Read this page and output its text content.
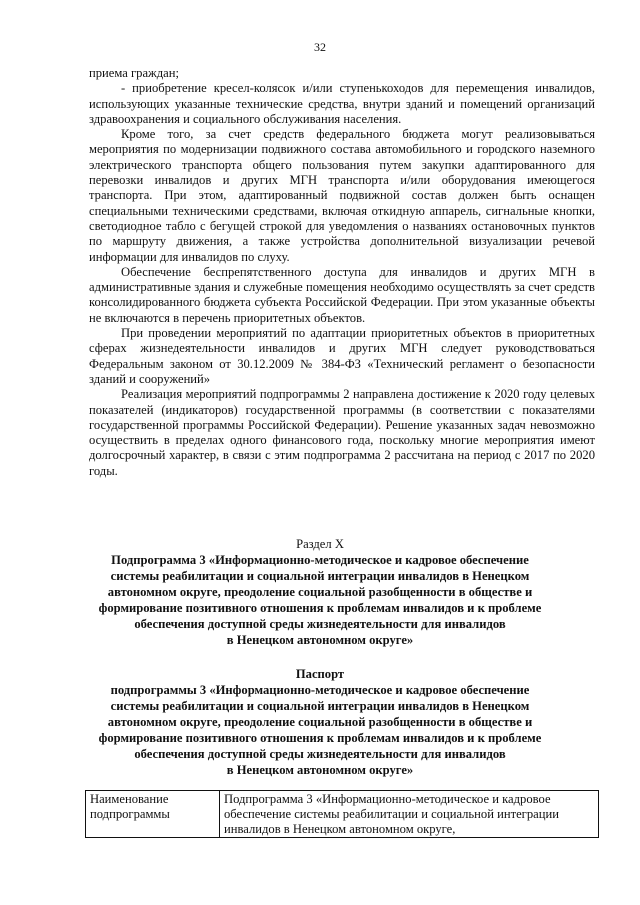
32

приема граждан;

- приобретение кресел-колясок и/или ступенькоходов для перемещения инвалидов, использующих указанные технические средства, внутри зданий и помещений организаций здравоохранения и социального обслуживания населения.

Кроме того, за счет средств федерального бюджета могут реализовываться мероприятия по модернизации подвижного состава автомобильного и городского наземного электрического транспорта общего пользования путем закупки адаптированного для перевозки инвалидов и других МГН транспорта и/или оборудования имеющегося транспорта. При этом, адаптированный подвижной состав должен быть оснащен специальными техническими средствами, включая откидную аппарель, сигнальные кнопки, светодиодное табло с бегущей строкой для уведомления о названиях остановочных пунктов по маршруту движения, а также устройства дополнительной визуализации речевой информации для инвалидов по слуху.

Обеспечение беспрепятственного доступа для инвалидов и других МГН в административные здания и служебные помещения необходимо осуществлять за счет средств консолидированного бюджета субъекта Российской Федерации. При этом указанные объекты не включаются в перечень приоритетных объектов.

При проведении мероприятий по адаптации приоритетных объектов в приоритетных сферах жизнедеятельности инвалидов и других МГН следует руководствоваться Федеральным законом от 30.12.2009 № 384-ФЗ «Технический регламент о безопасности зданий и сооружений»

Реализация мероприятий подпрограммы 2 направлена достижение к 2020 году целевых показателей (индикаторов) государственной программы (в соответствии с показателями государственной программы Российской Федерации). Решение указанных задач невозможно осуществить в пределах одного финансового года, поскольку многие мероприятия имеют долгосрочный характер, в связи с этим подпрограмма 2 рассчитана на период с 2017 по 2020 годы.

Раздел X
Подпрограмма 3 «Информационно-методическое и кадровое обеспечение
системы реабилитации и социальной интеграции инвалидов в Ненецком
автономном округе, преодоление социальной разобщенности в обществе и
формирование позитивного отношения к проблемам инвалидов и к проблеме
обеспечения доступной среды жизнедеятельности для инвалидов
в Ненецком автономном округе»
Паспорт
подпрограммы 3 «Информационно-методическое и кадровое обеспечение
системы реабилитации и социальной интеграции инвалидов в Ненецком
автономном округе, преодоление социальной разобщенности в обществе и
формирование позитивного отношения к проблемам инвалидов и к проблеме
обеспечения доступной среды жизнедеятельности для инвалидов
в Ненецком автономном округе»
Наименование подпрограммы	Подпрограмма 3 «Информационно-методическое и кадровое обеспечение системы реабилитации и социальной интеграции инвалидов в Ненецком автономном округе,
